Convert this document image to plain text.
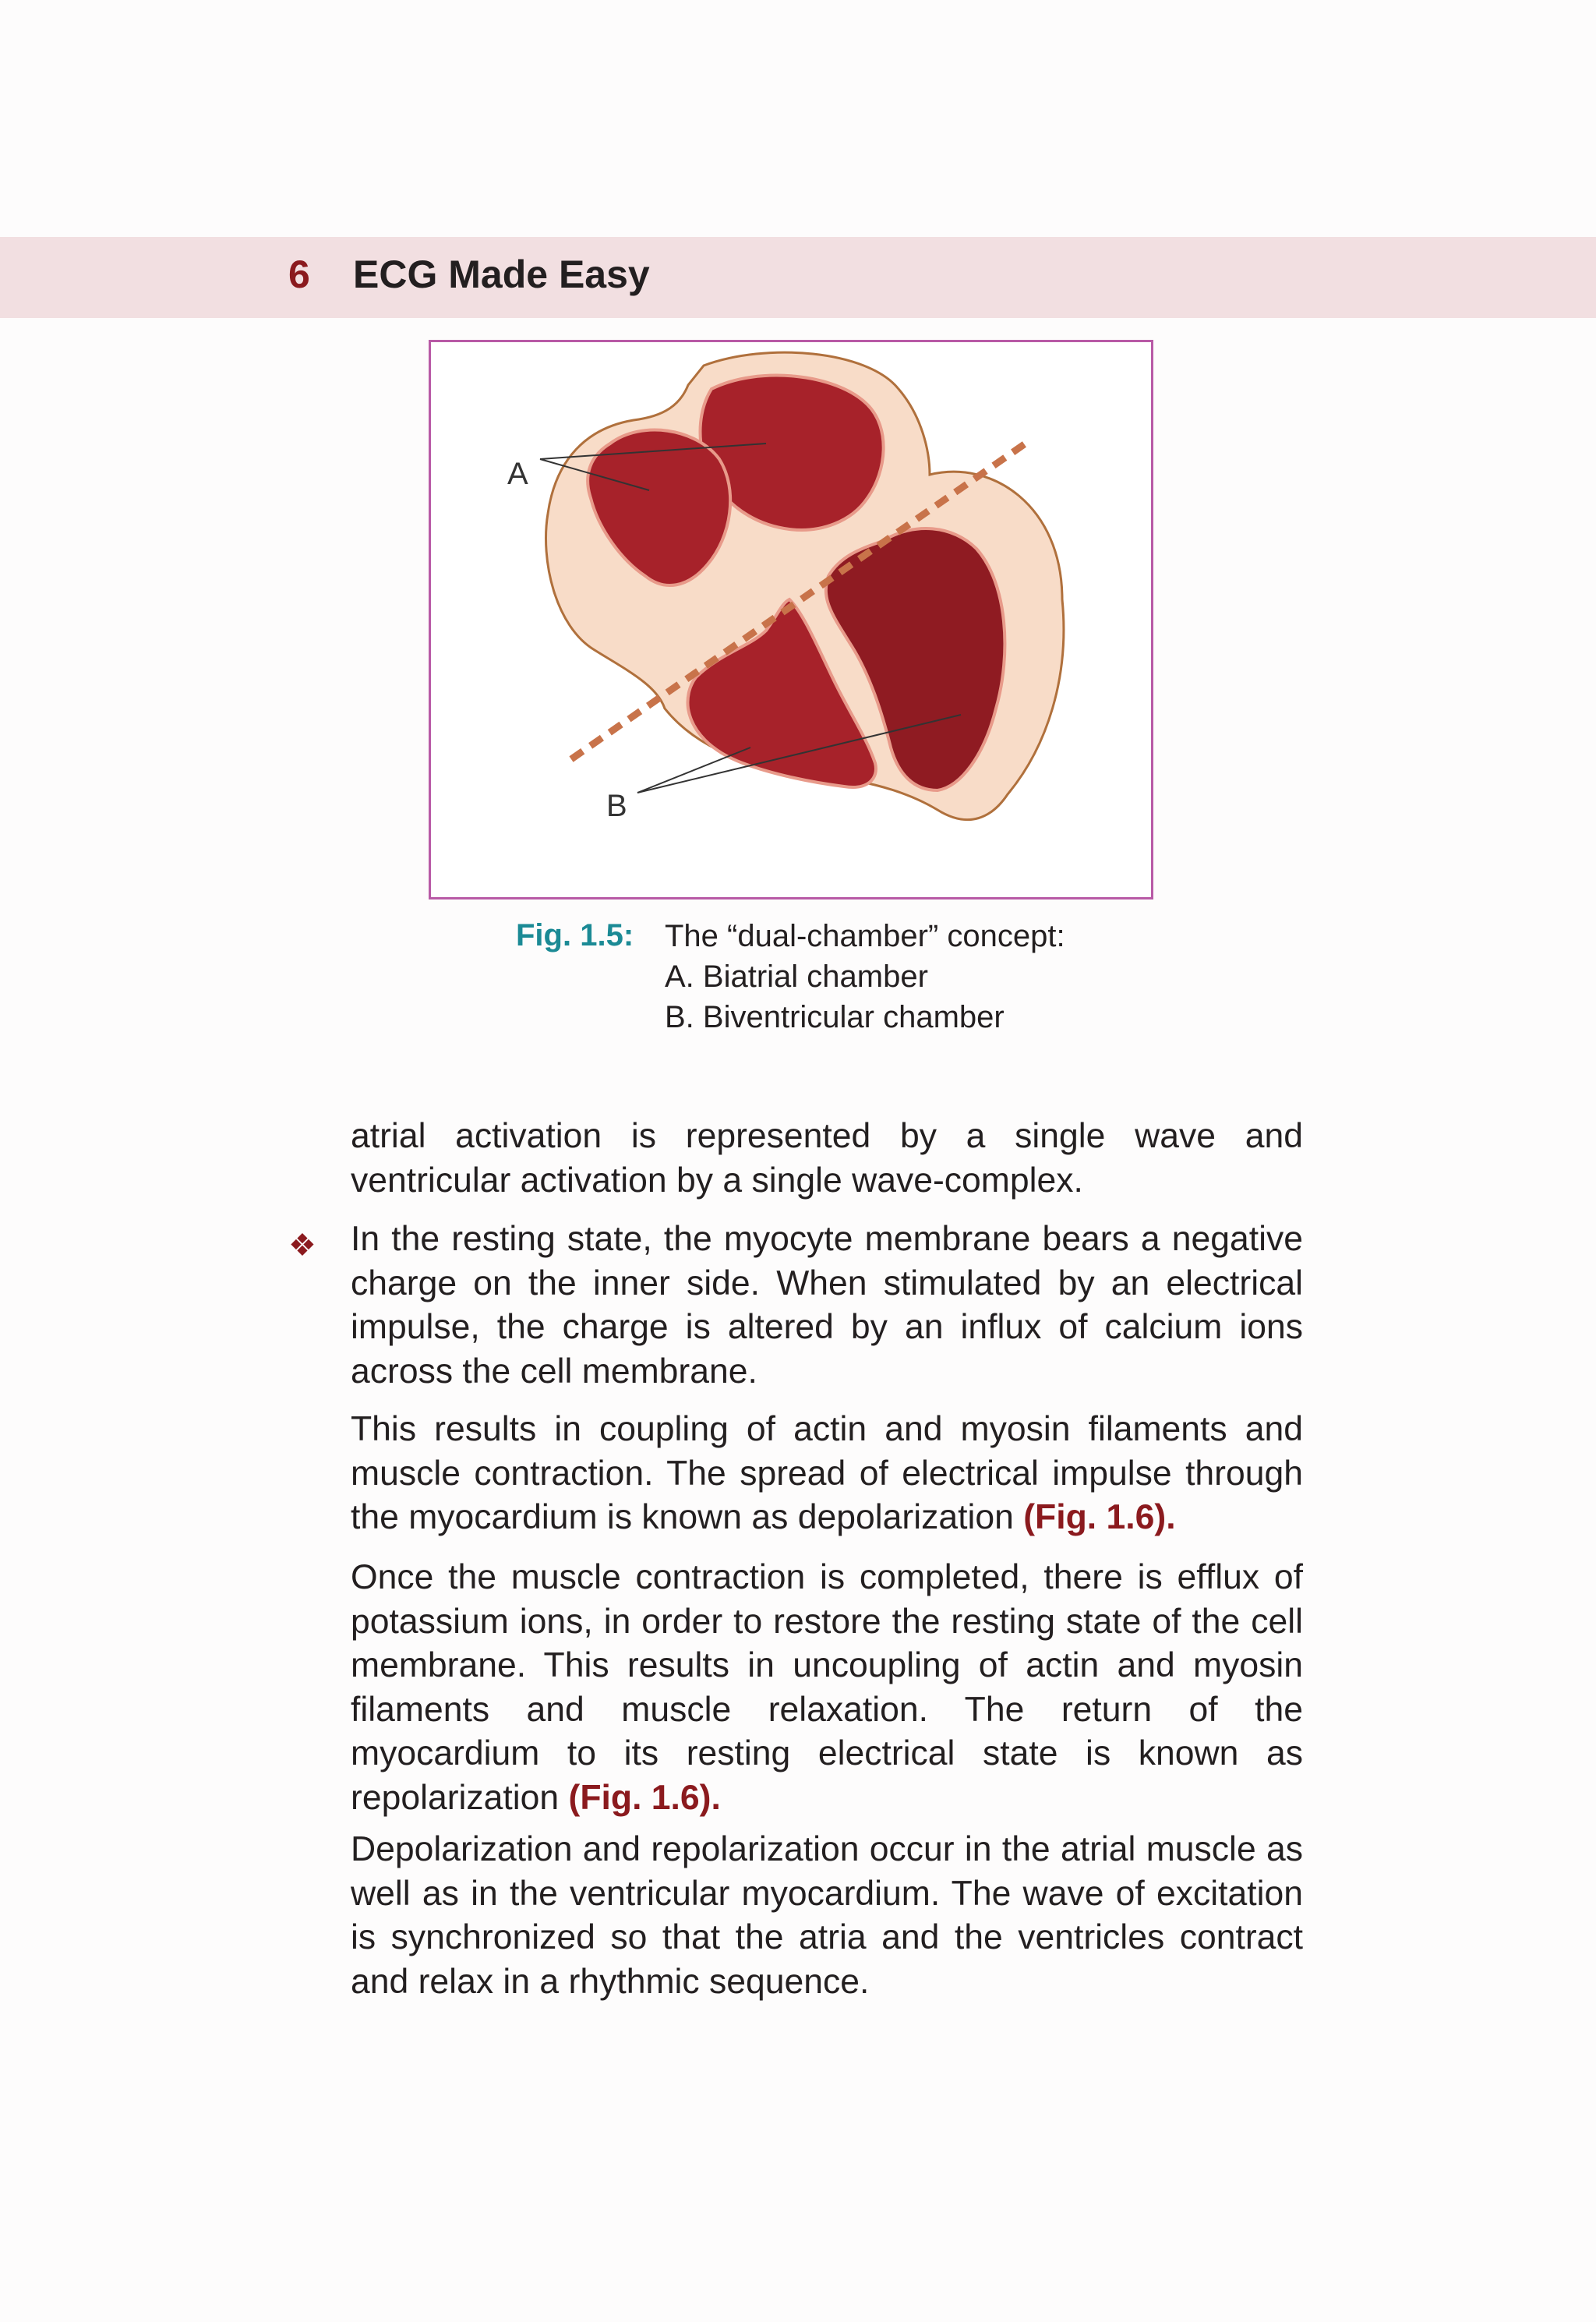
6 ECG Made Easy
A
B
Fig. 1.5: The “dual-chamber” concept:
A. Biatrial chamber
B. Biventricular chamber
atrial activation is represented by a single wave and ventricular activation by a single wave-complex.
❖ In the resting state, the myocyte membrane bears a negative charge on the inner side. When stimulated by an electrical impulse, the charge is altered by an influx of calcium ions across the cell membrane.
This results in coupling of actin and myosin filaments and muscle contraction. The spread of electrical impulse through the myocardium is known as depolarization (Fig. 1.6).
Once the muscle contraction is completed, there is efflux of potassium ions, in order to restore the resting state of the cell membrane. This results in uncoupling of actin and myosin filaments and muscle relaxation. The return of the myocardium to its resting electrical state is known as repolarization (Fig. 1.6).
Depolarization and repolarization occur in the atrial muscle as well as in the ventricular myocardium. The wave of excitation is synchronized so that the atria and the ventricles contract and relax in a rhythmic sequence.
